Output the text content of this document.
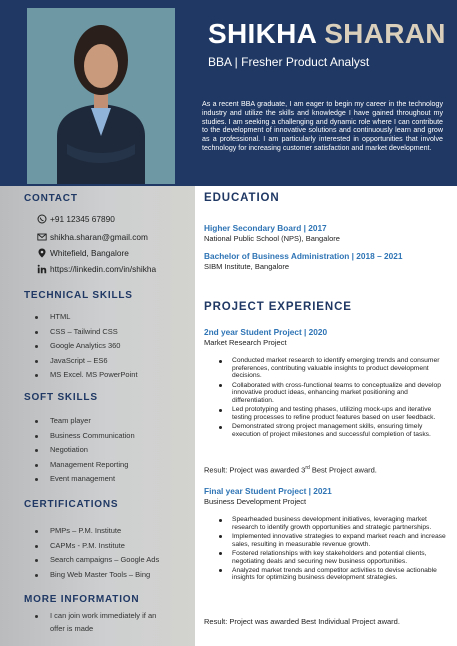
SHIKHA SHARAN
BBA | Fresher Product Analyst

As a recent BBA graduate, I am eager to begin my career in the technology industry and utilize the skills and knowledge I have gained throughout my studies. I am seeking a challenging and dynamic role where I can contribute to the development of innovative solutions and continuously learn and grow as a professional. I am particularly interested in opportunities that involve technology for increasing customer satisfaction and market development.

CONTACT
+91 12345 67890
shikha.sharan@gmail.com
Whitefield, Bangalore
https://linkedin.com/in/shikha
TECHNICAL SKILLS
HTML
CSS – Tailwind CSS
Google Analytics 360
JavaScript – ES6
MS Excel. MS PowerPoint
SOFT SKILLS
Team player
Business Communication
Negotiation
Management Reporting
Event management
CERTIFICATIONS
PMPs – P.M. Institute
CAPMs - P.M. Institute
Search campaigns – Google Ads
Bing Web Master Tools – Bing
MORE INFORMATION
I can join work immediately if an
offer is made
EDUCATION
Higher Secondary Board | 2017
National Public School (NPS), Bangalore
Bachelor of Business Administration | 2018 – 2021
SIBM Institute, Bangalore
PROJECT EXPERIENCE
2nd year Student Project | 2020
Market Research Project
Conducted market research to identify emerging trends and consumer preferences, contributing valuable insights to product development decisions.
Collaborated with cross-functional teams to conceptualize and develop innovative product ideas, enhancing market positioning and differentiation.
Led prototyping and testing phases, utilizing mock-ups and iterative testing processes to refine product features based on user feedback.
Demonstrated strong project management skills, ensuring timely execution of project milestones and successful completion of tasks.
Result: Project was awarded 3rd Best Project award.
Final year Student Project | 2021
Business Development Project
Spearheaded business development initiatives, leveraging market research to identify growth opportunities and strategic partnerships.
Implemented innovative strategies to expand market reach and increase sales, resulting in measurable revenue growth.
Fostered relationships with key stakeholders and potential clients, negotiating deals and securing new business opportunities.
Analyzed market trends and competitor activities to devise actionable insights for optimizing business development strategies.
Result: Project was awarded Best Individual Project award.
